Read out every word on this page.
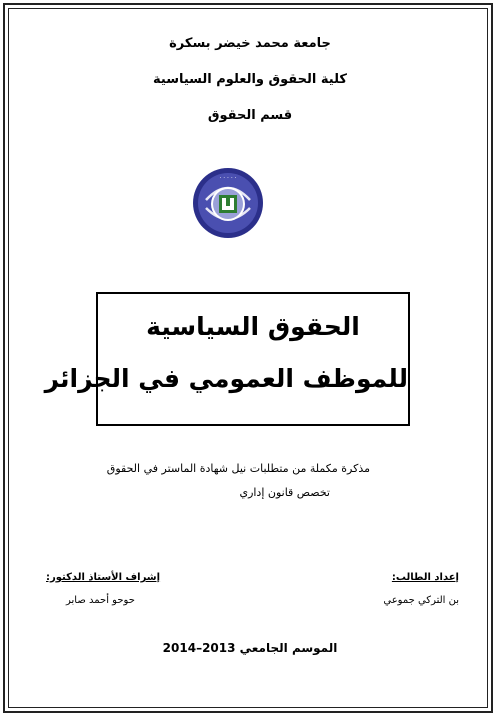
جامعة محمد خيضر بسكرة
كلية الحقوق والعلوم السياسية
قسم الحقوق
· · · · ·
الحقوق السياسية
للموظف العمومي في الجزائر
مذكرة مكملة من متطلبات نيل شهادة الماستر في الحقوق
تخصص قانون إداري
إعداد الطالب:
إشراف الأستاذ الدكتور:
بن التركي جموعي
حوحو أحمد صابر
الموسم الجامعي 2013–2014
